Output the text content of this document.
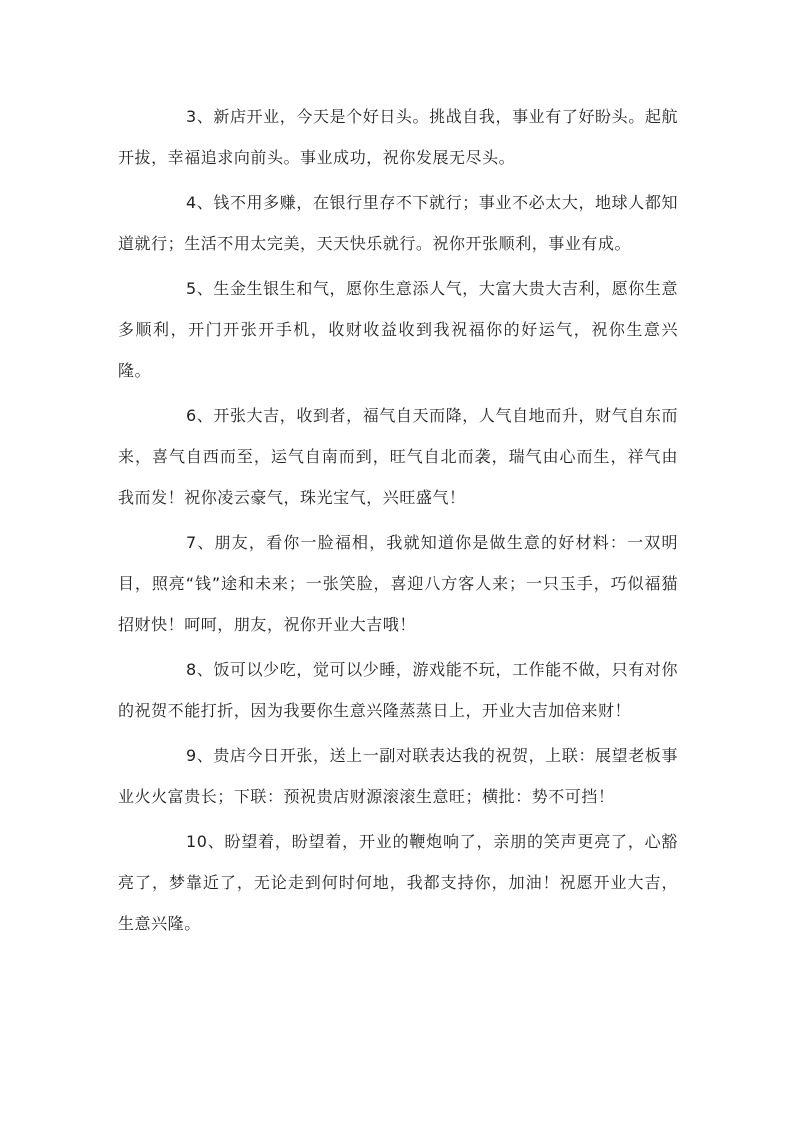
3、新店开业，今天是个好日头。挑战自我，事业有了好盼头。起航开拔，幸福追求向前头。事业成功，祝你发展无尽头。

4、钱不用多赚，在银行里存不下就行；事业不必太大，地球人都知道就行；生活不用太完美，天天快乐就行。祝你开张顺利，事业有成。

5、生金生银生和气，愿你生意添人气，大富大贵大吉利，愿你生意多顺利，开门开张开手机，收财收益收到我祝福你的好运气，祝你生意兴隆。

6、开张大吉，收到者，福气自天而降，人气自地而升，财气自东而来，喜气自西而至，运气自南而到，旺气自北而袭，瑞气由心而生，祥气由我而发！祝你凌云豪气，珠光宝气，兴旺盛气！

7、朋友，看你一脸福相，我就知道你是做生意的好材料：一双明目，照亮“钱”途和未来；一张笑脸，喜迎八方客人来；一只玉手，巧似福猫招财快！呵呵，朋友，祝你开业大吉哦！

8、饭可以少吃，觉可以少睡，游戏能不玩，工作能不做，只有对你的祝贺不能打折，因为我要你生意兴隆蒸蒸日上，开业大吉加倍来财！

9、贵店今日开张，送上一副对联表达我的祝贺，上联：展望老板事业火火富贵长；下联：预祝贵店财源滚滚生意旺；横批：势不可挡！

10、盼望着，盼望着，开业的鞭炮响了，亲朋的笑声更亮了，心豁亮了，梦靠近了，无论走到何时何地，我都支持你，加油！祝愿开业大吉，生意兴隆。
